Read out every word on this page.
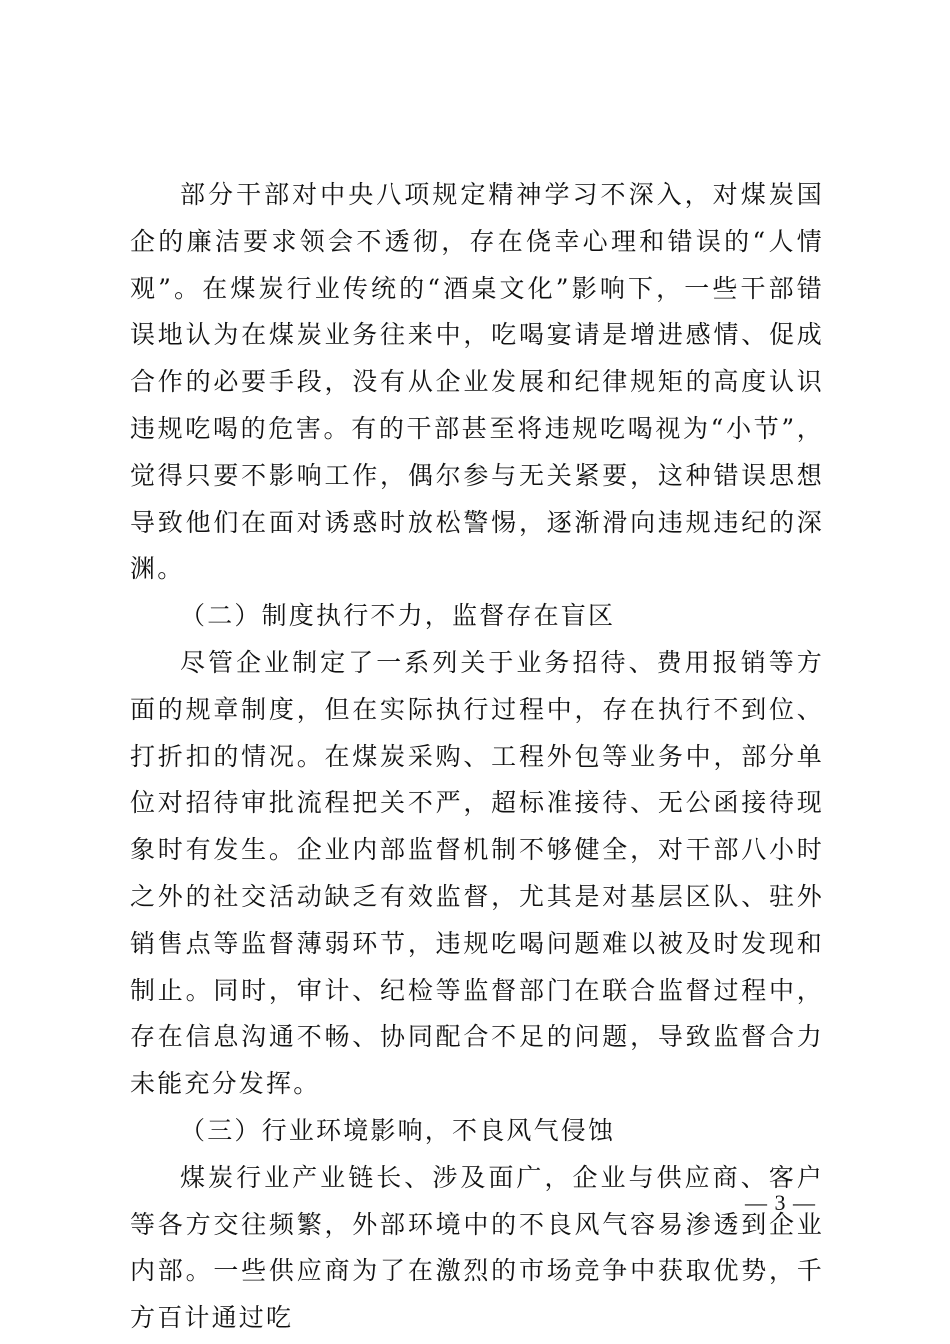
部分干部对中央八项规定精神学习不深入，对煤炭国企的廉洁要求领会不透彻，存在侥幸心理和错误的“人情观”。在煤炭行业传统的“酒桌文化”影响下，一些干部错误地认为在煤炭业务往来中，吃喝宴请是增进感情、促成合作的必要手段，没有从企业发展和纪律规矩的高度认识违规吃喝的危害。有的干部甚至将违规吃喝视为“小节”，觉得只要不影响工作，偶尔参与无关紧要，这种错误思想导致他们在面对诱惑时放松警惕，逐渐滑向违规违纪的深渊。

（二）制度执行不力，监督存在盲区

尽管企业制定了一系列关于业务招待、费用报销等方面的规章制度，但在实际执行过程中，存在执行不到位、打折扣的情况。在煤炭采购、工程外包等业务中，部分单位对招待审批流程把关不严，超标准接待、无公函接待现象时有发生。企业内部监督机制不够健全，对干部八小时之外的社交活动缺乏有效监督，尤其是对基层区队、驻外销售点等监督薄弱环节，违规吃喝问题难以被及时发现和制止。同时，审计、纪检等监督部门在联合监督过程中，存在信息沟通不畅、协同配合不足的问题，导致监督合力未能充分发挥。

（三）行业环境影响，不良风气侵蚀

煤炭行业产业链长、涉及面广，企业与供应商、客户等各方交往频繁，外部环境中的不良风气容易渗透到企业内部。一些供应商为了在激烈的市场竞争中获取优势，千方百计通过吃

— 3 —
